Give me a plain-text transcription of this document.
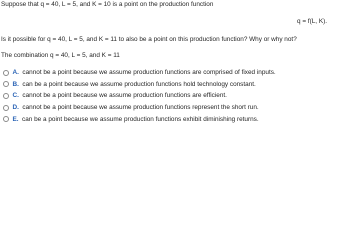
Suppose that q = 40, L = 5, and K = 10 is a point on the production function
q = f(L, K).
Is it possible for q = 40, L = 5, and K = 11 to also be a point on this production function? Why or why not?
The combination q = 40, L = 5, and K = 11
A. cannot be a point because we assume production functions are comprised of fixed inputs.
B. can be a point because we assume production functions hold technology constant.
C. cannot be a point because we assume production functions are efficient.
D. cannot be a point because we assume production functions represent the short run.
E. can be a point because we assume production functions exhibit diminishing returns.
